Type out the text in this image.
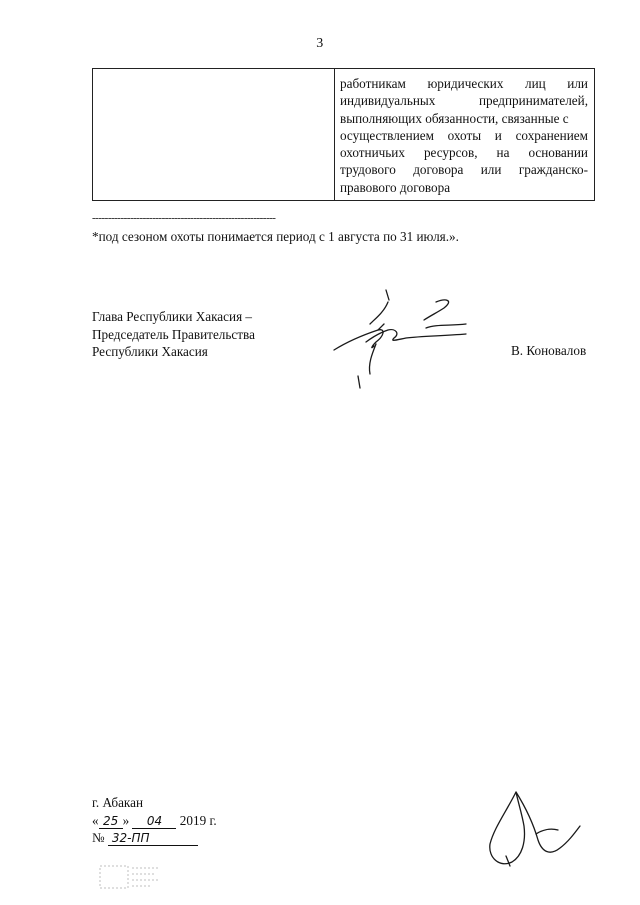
3

работникам юридических лиц или
индивидуальных	предпринимателей,
выполняющих обязанности, связанные с
осуществлением охоты и сохранением
охотничьих ресурсов, на основании
трудового договора или гражданско-
правового договора
----------------------------------------------------------
*под сезоном охоты понимается период с 1 августа по 31 июля.».
Глава Республики Хакасия –
Председатель Правительства
Республики Хакасия	В. Коновалов
г. Абакан
« 25 » 04 2019 г.
№ 32-ПП
